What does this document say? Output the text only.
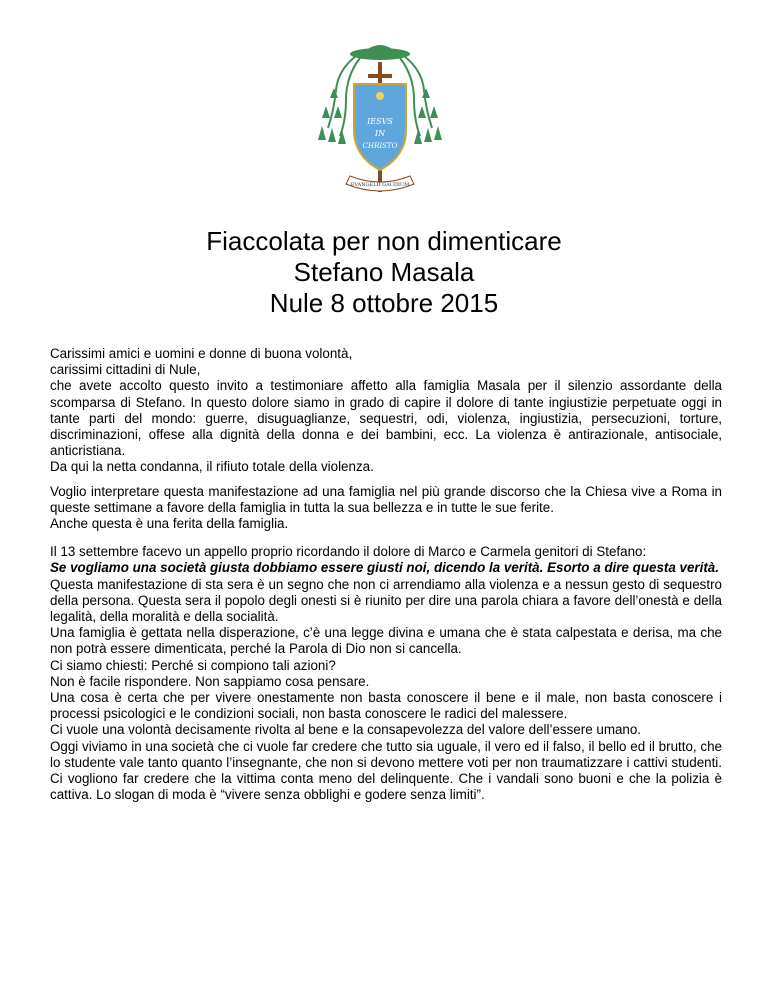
IESVS
IN
CHRISTO
EVANGELII GAUDIUM
Fiaccolata per non dimenticare
Stefano Masala
Nule 8 ottobre 2015

Carissimi amici e uomini e donne di buona volontà,

carissimi cittadini di Nule,

che avete accolto questo invito a testimoniare affetto alla famiglia Masala per il silenzio assordante della scomparsa di Stefano. In questo dolore siamo in grado di capire il dolore di tante ingiustizie perpetuate oggi in tante parti del mondo: guerre, disuguaglianze, sequestri, odi, violenza, ingiustizia, persecuzioni, torture, discriminazioni, offese alla dignità della donna e dei bambini, ecc. La violenza è antirazionale, antisociale, anticristiana.

Da qui la netta condanna, il rifiuto totale della violenza.

Voglio interpretare questa manifestazione ad una famiglia nel più grande discorso che la Chiesa vive a Roma in queste settimane a favore della famiglia in tutta la sua bellezza e in tutte le sue ferite.

Anche questa è una ferita della famiglia.

Il 13 settembre facevo un appello proprio ricordando il dolore di Marco e Carmela genitori di Stefano:

Se vogliamo una società giusta dobbiamo essere giusti noi, dicendo la verità. Esorto a dire questa verità.

Questa manifestazione di sta sera è un segno che non ci arrendiamo alla violenza e a nessun gesto di sequestro della persona. Questa sera il popolo degli onesti si è riunito per dire una parola chiara a favore dell’onestà e della legalità, della moralità e della socialità.

Una famiglia è gettata nella disperazione, c’è una legge divina e umana che è stata calpestata e derisa, ma che non potrà essere dimenticata, perché la Parola di Dio non si cancella.

Ci siamo chiesti: Perché si compiono tali azioni?

Non è facile rispondere. Non sappiamo cosa pensare.

Una cosa è certa che per vivere onestamente non basta conoscere il bene e il male, non basta conoscere i processi psicologici e le condizioni sociali, non basta conoscere le radici del malessere.

Ci vuole una volontà decisamente rivolta al bene e la consapevolezza del valore dell’essere umano.

Oggi viviamo in una società che ci vuole far credere che tutto sia uguale, il vero ed il falso, il bello ed il brutto, che lo studente vale tanto quanto l’insegnante, che non si devono mettere voti per non traumatizzare i cattivi studenti. Ci vogliono far credere che la vittima conta meno del delinquente. Che i vandali sono buoni e che la polizia è cattiva. Lo slogan di moda è “vivere senza obblighi e godere senza limiti”.
